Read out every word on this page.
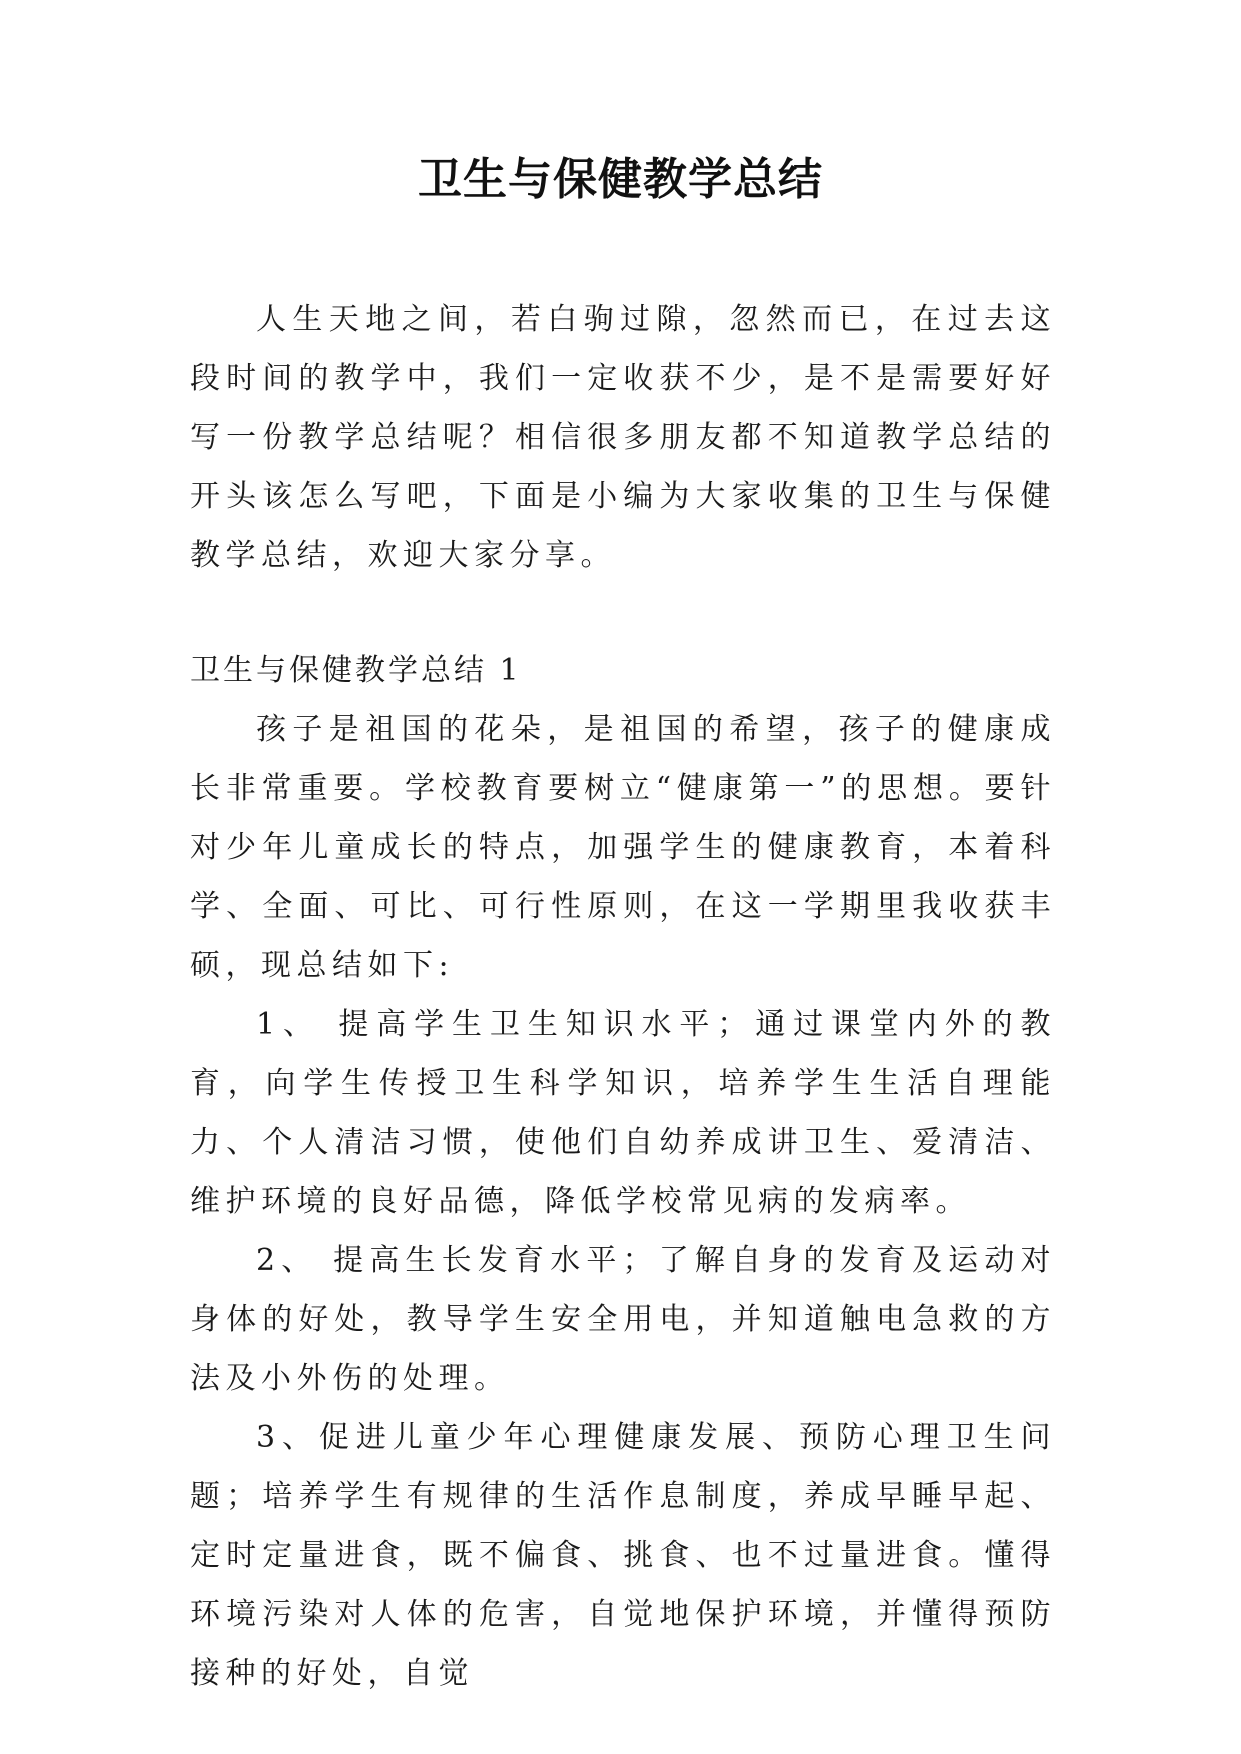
卫生与保健教学总结

人生天地之间，若白驹过隙，忽然而已，在过去这段时间的教学中，我们一定收获不少，是不是需要好好写一份教学总结呢？相信很多朋友都不知道教学总结的开头该怎么写吧，下面是小编为大家收集的卫生与保健教学总结，欢迎大家分享。

卫生与保健教学总结 1

孩子是祖国的花朵，是祖国的希望，孩子的健康成长非常重要。学校教育要树立“健康第一”的思想。要针对少年儿童成长的特点，加强学生的健康教育，本着科学、全面、可比、可行性原则，在这一学期里我收获丰硕，现总结如下:

1、 提高学生卫生知识水平；通过课堂内外的教育，向学生传授卫生科学知识，培养学生生活自理能力、个人清洁习惯，使他们自幼养成讲卫生、爱清洁、维护环境的良好品德，降低学校常见病的发病率。

2、 提高生长发育水平；了解自身的发育及运动对身体的好处，教导学生安全用电，并知道触电急救的方法及小外伤的处理。

3、促进儿童少年心理健康发展、预防心理卫生问题；培养学生有规律的生活作息制度，养成早睡早起、定时定量进食，既不偏食、挑食、也不过量进食。懂得环境污染对人体的危害，自觉地保护环境，并懂得预防接种的好处，自觉
